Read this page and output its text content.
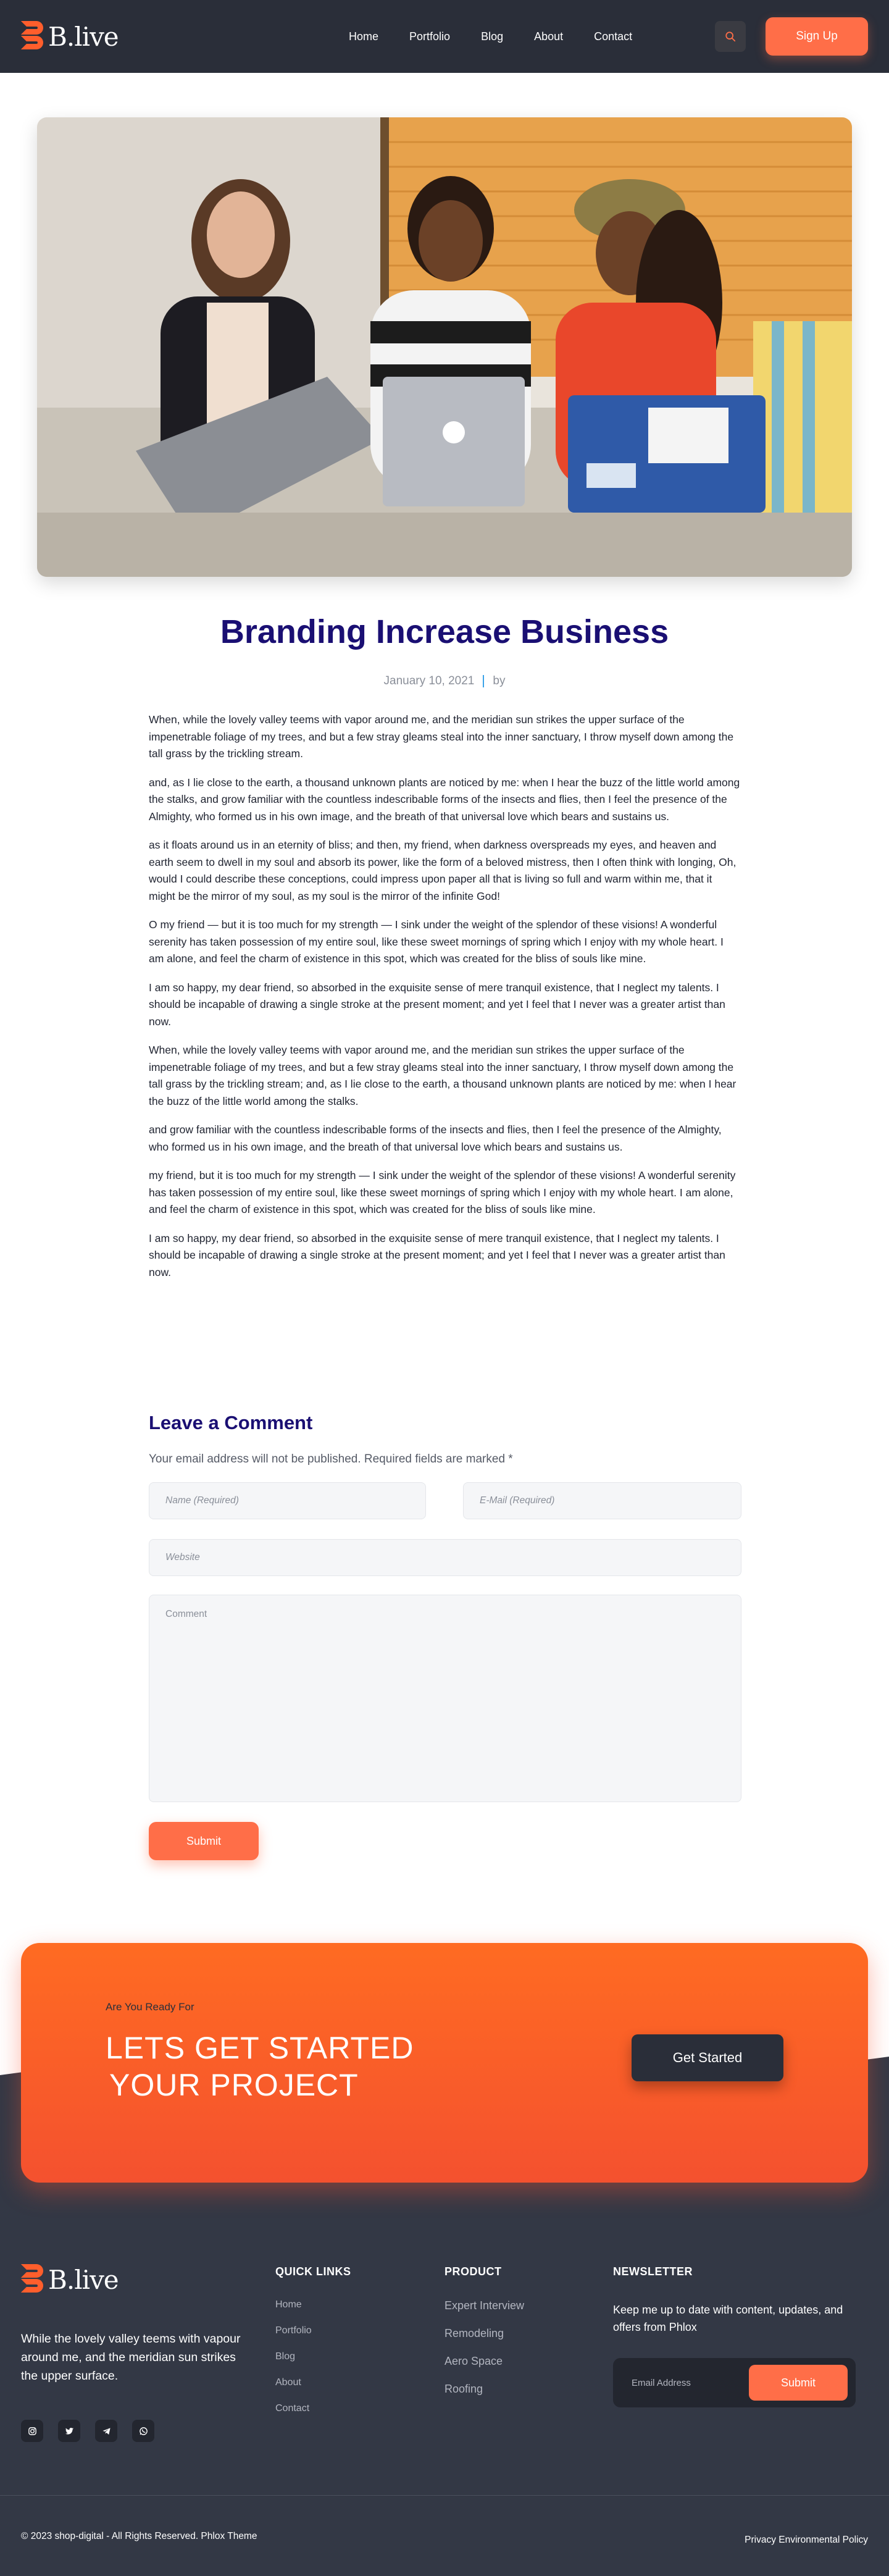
B.live	Home	Portfolio	Blog	About	Contact	Sign Up
Branding Increase Business
January 10, 2021 by

When, while the lovely valley teems with vapor around me, and the meridian sun strikes the upper surface of the impenetrable foliage of my trees, and but a few stray gleams steal into the inner sanctuary, I throw myself down among the tall grass by the trickling stream.

and, as I lie close to the earth, a thousand unknown plants are noticed by me: when I hear the buzz of the little world among the stalks, and grow familiar with the countless indescribable forms of the insects and flies, then I feel the presence of the Almighty, who formed us in his own image, and the breath of that universal love which bears and sustains us.

as it floats around us in an eternity of bliss; and then, my friend, when darkness overspreads my eyes, and heaven and earth seem to dwell in my soul and absorb its power, like the form of a beloved mistress, then I often think with longing, Oh, would I could describe these conceptions, could impress upon paper all that is living so full and warm within me, that it might be the mirror of my soul, as my soul is the mirror of the infinite God!

O my friend — but it is too much for my strength — I sink under the weight of the splendor of these visions! A wonderful serenity has taken possession of my entire soul, like these sweet mornings of spring which I enjoy with my whole heart. I am alone, and feel the charm of existence in this spot, which was created for the bliss of souls like mine.

I am so happy, my dear friend, so absorbed in the exquisite sense of mere tranquil existence, that I neglect my talents. I should be incapable of drawing a single stroke at the present moment; and yet I feel that I never was a greater artist than now.

When, while the lovely valley teems with vapor around me, and the meridian sun strikes the upper surface of the impenetrable foliage of my trees, and but a few stray gleams steal into the inner sanctuary, I throw myself down among the tall grass by the trickling stream; and, as I lie close to the earth, a thousand unknown plants are noticed by me: when I hear the buzz of the little world among the stalks.

and grow familiar with the countless indescribable forms of the insects and flies, then I feel the presence of the Almighty, who formed us in his own image, and the breath of that universal love which bears and sustains us.

my friend, but it is too much for my strength — I sink under the weight of the splendor of these visions! A wonderful serenity has taken possession of my entire soul, like these sweet mornings of spring which I enjoy with my whole heart. I am alone, and feel the charm of existence in this spot, which was created for the bliss of souls like mine.

I am so happy, my dear friend, so absorbed in the exquisite sense of mere tranquil existence, that I neglect my talents. I should be incapable of drawing a single stroke at the present moment; and yet I feel that I never was a greater artist than now.

Leave a Comment
Your email address will not be published. Required fields are marked *
Name (Required)	E-Mail (Required)
Website
Comment
Submit
Are You Ready For
LETS GET STARTED
YOUR PROJECT
Get Started
B.live
While the lovely valley teems with vapour around me, and the meridian sun strikes the upper surface.
QUICK LINKS
Home
Portfolio
Blog
About
Contact
PRODUCT
Expert Interview
Remodeling
Aero Space
Roofing
NEWSLETTER
Keep me up to date with content, updates, and offers from Phlox
Email Address	Submit
© 2023 shop-digital - All Rights Reserved. Phlox Theme	Privacy Environmental Policy
